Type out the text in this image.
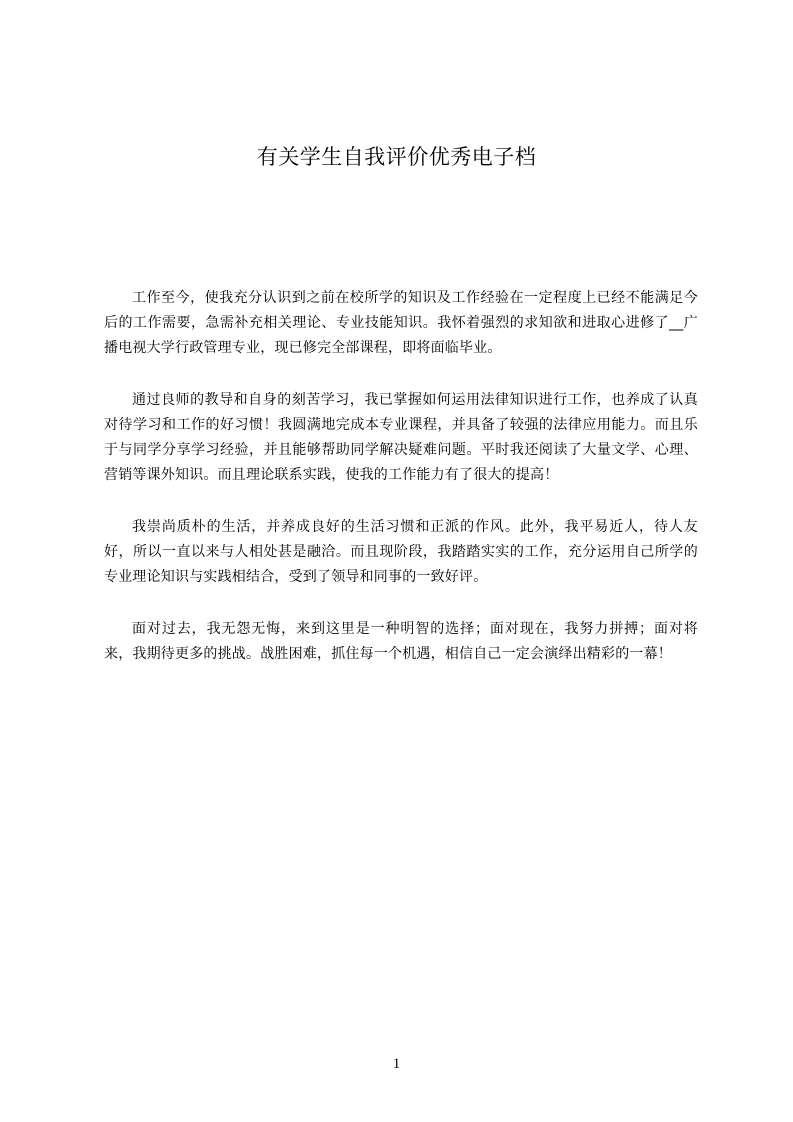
有关学生自我评价优秀电子档

工作至今，使我充分认识到之前在校所学的知识及工作经验在一定程度上已经不能满足今后的工作需要，急需补充相关理论、专业技能知识。我怀着强烈的求知欲和进取心进修了__广播电视大学行政管理专业，现已修完全部课程，即将面临毕业。

通过良师的教导和自身的刻苦学习，我已掌握如何运用法律知识进行工作，也养成了认真对待学习和工作的好习惯！我圆满地完成本专业课程，并具备了较强的法律应用能力。而且乐于与同学分享学习经验，并且能够帮助同学解决疑难问题。平时我还阅读了大量文学、心理、营销等课外知识。而且理论联系实践，使我的工作能力有了很大的提高！

我崇尚质朴的生活，并养成良好的生活习惯和正派的作风。此外，我平易近人，待人友好，所以一直以来与人相处甚是融洽。而且现阶段，我踏踏实实的工作，充分运用自己所学的专业理论知识与实践相结合，受到了领导和同事的一致好评。

面对过去，我无怨无悔，来到这里是一种明智的选择；面对现在，我努力拼搏；面对将来，我期待更多的挑战。战胜困难，抓住每一个机遇，相信自己一定会演绎出精彩的一幕！

1
